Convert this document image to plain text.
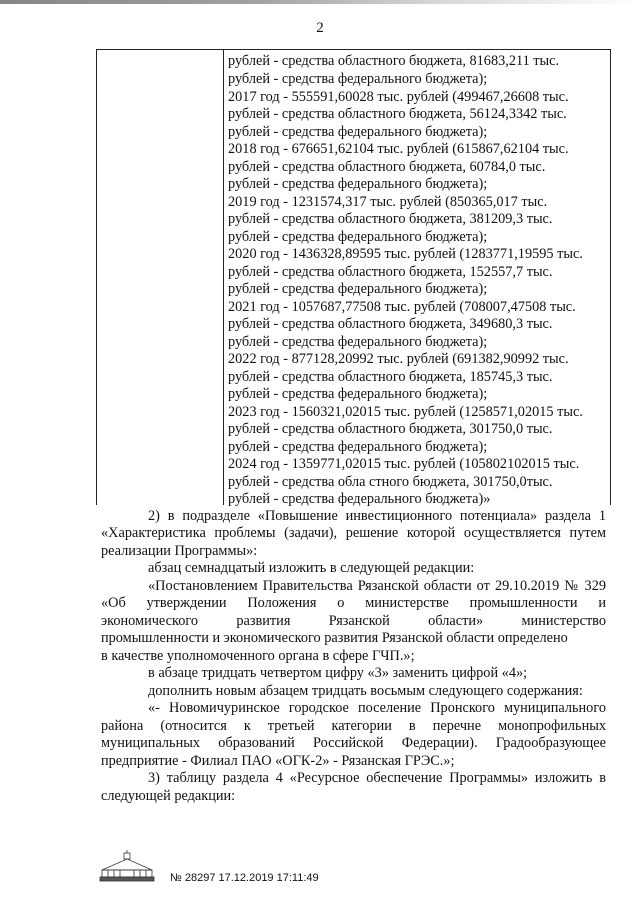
2
рублей - средства областного бюджета, 81683,211 тыс.
рублей - средства федерального бюджета);
2017 год - 555591,60028 тыс. рублей (499467,26608 тыс.
рублей - средства областного бюджета, 56124,3342 тыс.
рублей - средства федерального бюджета);
2018 год - 676651,62104 тыс. рублей (615867,62104 тыс.
рублей - средства областного бюджета, 60784,0 тыс.
рублей - средства федерального бюджета);
2019 год - 1231574,317 тыс. рублей (850365,017 тыс.
рублей - средства областного бюджета, 381209,3 тыс.
рублей - средства федерального бюджета);
2020 год - 1436328,89595 тыс. рублей (1283771,19595 тыс.
рублей - средства областного бюджета, 152557,7 тыс.
рублей - средства федерального бюджета);
2021 год - 1057687,77508 тыс. рублей (708007,47508 тыс.
рублей - средства областного бюджета, 349680,3 тыс.
рублей - средства федерального бюджета);
2022 год - 877128,20992 тыс. рублей (691382,90992 тыс.
рублей - средства областного бюджета, 185745,3 тыс.
рублей - средства федерального бюджета);
2023 год - 1560321,02015 тыс. рублей (1258571,02015 тыс.
рублей - средства областного бюджета, 301750,0 тыс.
рублей - средства федерального бюджета);
2024 год - 1359771,02015 тыс. рублей (105802102015 тыс.
рублей - средства обла стного бюджета, 301750,0тыс.
рублей - средства федерального бюджета)»
2) в подразделе «Повышение инвестиционного потенциала» раздела 1
«Характеристика проблемы (задачи), решение которой осуществляется путем
реализации Программы»:
абзац семнадцатый изложить в следующей редакции:
«Постановлением Правительства Рязанской области от 29.10.2019 № 329
«Об утверждении Положения о министерстве промышленности и
экономического развития Рязанской области» министерство
промышленности и экономического развития Рязанской области определено
в качестве уполномоченного органа в сфере ГЧП.»;
в абзаце тридцать четвертом цифру «3» заменить цифрой «4»;
дополнить новым абзацем тридцать восьмым следующего содержания:
«- Новомичуринское городское поселение Пронского муниципального
района (относится к третьей категории в перечне монопрофильных
муниципальных образований Российской Федерации). Градообразующее
предприятие - Филиал ПАО «ОГК-2» - Рязанская ГРЭС.»;
3) таблицу раздела 4 «Ресурсное обеспечение Программы» изложить в
следующей редакции:
№ 28297 17.12.2019 17:11:49
